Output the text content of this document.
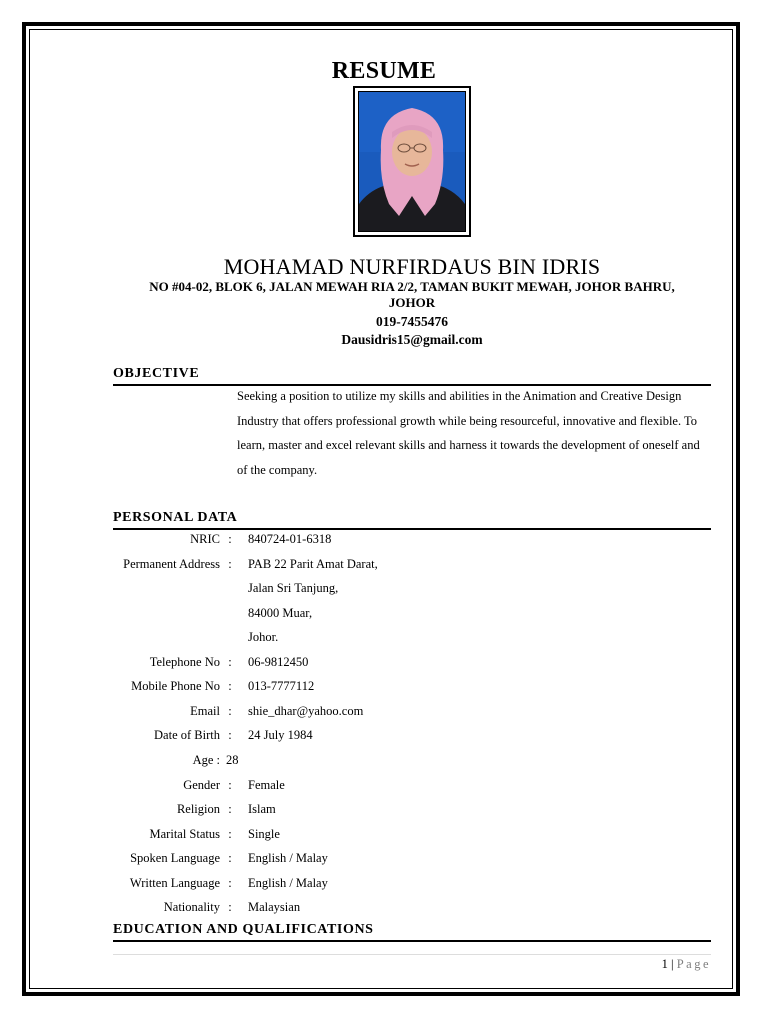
RESUME
MOHAMAD NURFIRDAUS BIN IDRIS
NO #04-02, BLOK 6, JALAN MEWAH RIA 2/2, TAMAN BUKIT MEWAH, JOHOR BAHRU,
JOHOR
019-7455476
Dausidris15@gmail.com
OBJECTIVE

Seeking a position to utilize my skills and abilities in the Animation and Creative Design Industry that offers professional growth while being resourceful, innovative and flexible. To learn, master and excel relevant skills and harness it towards the development of oneself and of the company.

PERSONAL DATA
NRIC : 840724-01-6318
Permanent Address : PAB 22 Parit Amat Darat,
Jalan Sri Tanjung,
84000 Muar,
Johor.
Telephone No : 06-9812450
Mobile Phone No : 013-7777112
Email : shie_dhar@yahoo.com
Date of Birth : 24 July 1984
Age : 28
Gender : Female
Religion : Islam
Marital Status : Single
Spoken Language : English / Malay
Written Language : English / Malay
Nationality : Malaysian
EDUCATION AND QUALIFICATIONS
1 | Page
